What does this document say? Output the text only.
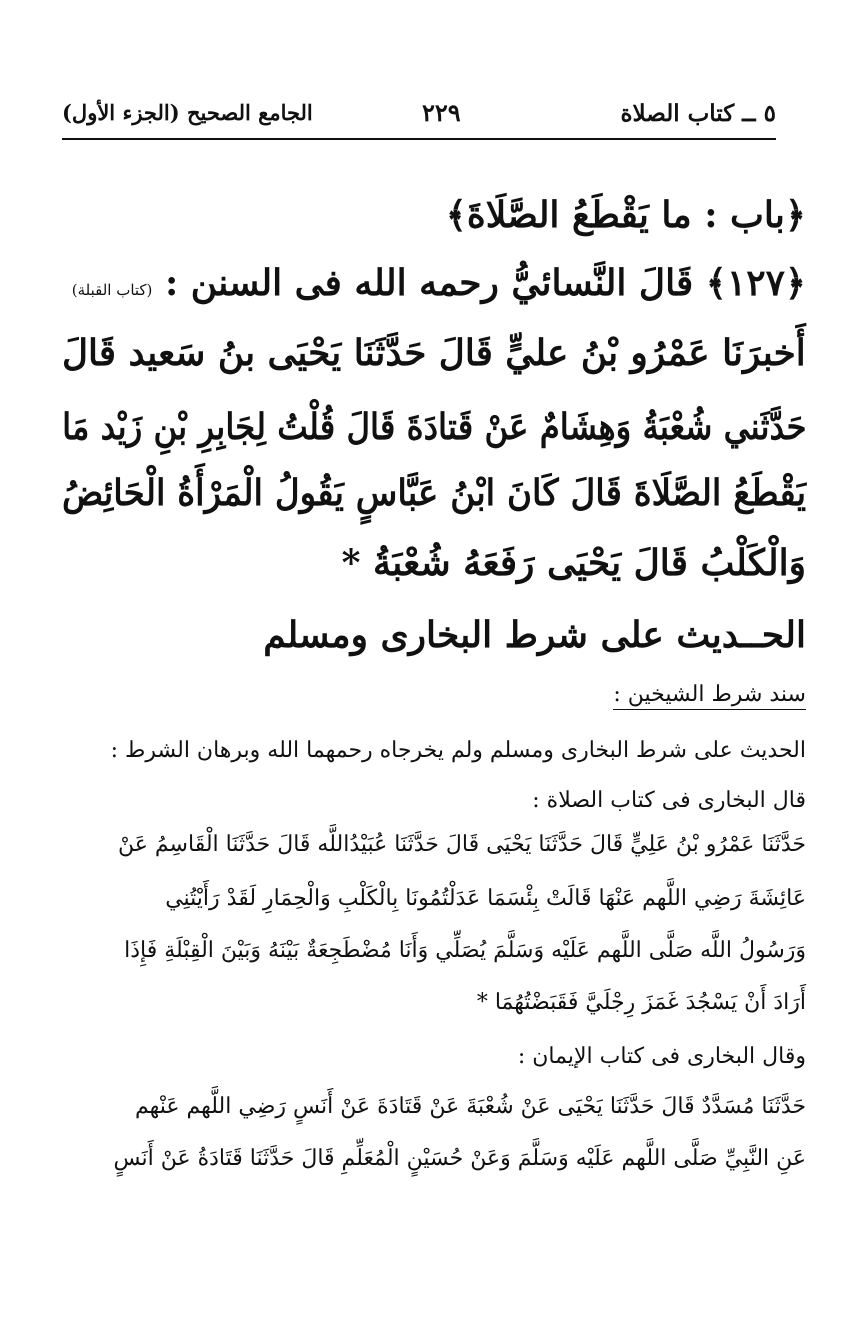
٥ ــ كتاب الصلاة
٢٢٩
الجامع الصحيح (الجزء الأول)
﴿باب : ما يَقْطَعُ الصَّلَاةَ﴾
﴿١٢٧﴾ قَالَ النَّسائيُّ رحمه الله فى السنن : (كتاب القبلة)
أَخبرَنَا عَمْرُو بْنُ عليٍّ قَالَ حَدَّثَنَا يَحْيَى بنُ سَعيد قَالَ
حَدَّثَني شُعْبَةُ وَهِشَامٌ عَنْ قَتادَةَ قَالَ قُلْتُ لِجَابِرِ بْنِ زَيْد مَا
يَقْطَعُ الصَّلَاةَ قَالَ كَانَ ابْنُ عَبَّاسٍ يَقُولُ الْمَرْأَةُ الْحَائِضُ
وَالْكَلْبُ قَالَ يَحْيَى رَفَعَهُ شُعْبَةُ *
الحــديث على شرط البخارى ومسلم
سند شرط الشيخين :
الحديث على شرط البخارى ومسلم ولم يخرجاه رحمهما الله وبرهان الشرط :
قال البخارى فى كتاب الصلاة :
حَدَّثَنَا عَمْرُو بْنُ عَلِيٍّ قَالَ حَدَّثَنَا يَحْيَى قَالَ حَدَّثَنَا عُبَيْدُاللَّه قَالَ حَدَّثَنَا الْقَاسِمُ عَنْ
عَائِشَةَ رَضِي اللَّهم عَنْهَا قَالَتْ بِئْسَمَا عَدَلْتُمُونَا بِالْكَلْبِ وَالْحِمَارِ لَقَدْ رَأَيْتُنِي
وَرَسُولُ اللَّه صَلَّى اللَّهم عَلَيْه وَسَلَّمَ يُصَلِّي وَأَنَا مُضْطَجِعَةٌ بَيْنَهُ وَبَيْنَ الْقِبْلَةِ فَإِذَا
أَرَادَ أَنْ يَسْجُدَ غَمَزَ رِجْلَيَّ فَقَبَضْتُهُمَا *
وقال البخارى فى كتاب الإيمان :
حَدَّثَنَا مُسَدَّدٌ قَالَ حَدَّثَنَا يَحْيَى عَنْ شُعْبَةَ عَنْ قَتَادَةَ عَنْ أَنَسٍ رَضِي اللَّهم عَنْهم
عَنِ النَّبِيِّ صَلَّى اللَّهم عَلَيْه وَسَلَّمَ وَعَنْ حُسَيْنٍ الْمُعَلِّمِ قَالَ حَدَّثَنَا قَتَادَةُ عَنْ أَنَسٍ
